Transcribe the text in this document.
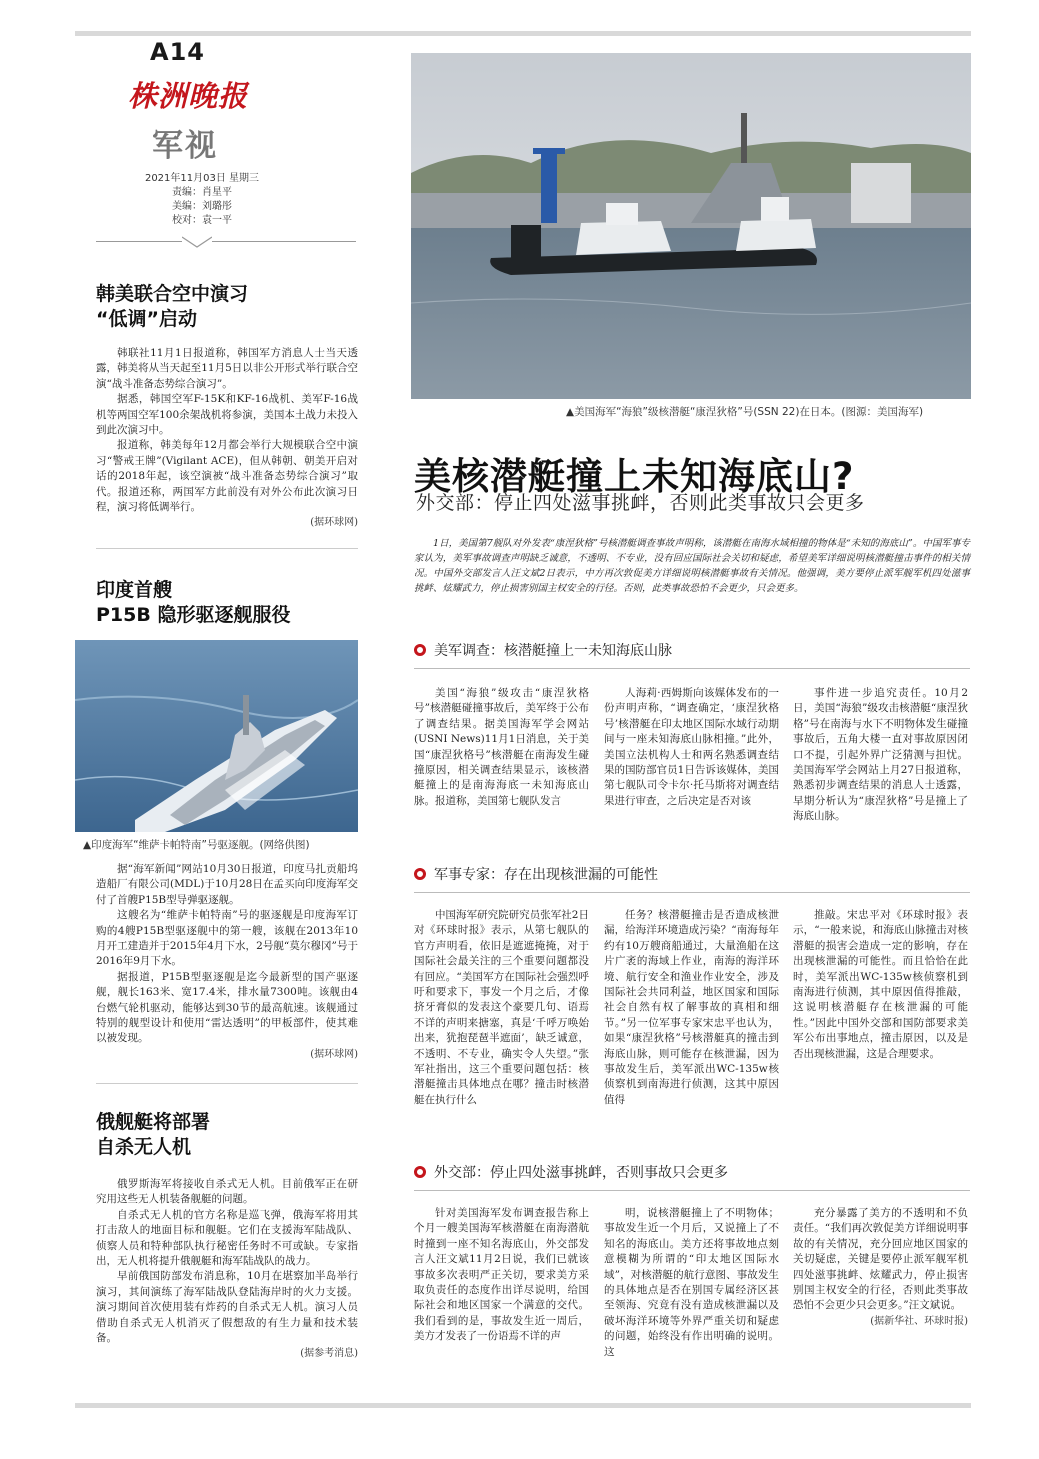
A14
株洲晚报
军视
2021年11月03日 星期三
责编：肖星平
美编：刘璐彤
校对：袁一平
韩美联合空中演习
“低调”启动

韩联社11月1日报道称，韩国军方消息人士当天透露，韩美将从当天起至11月5日以非公开形式举行联合空演“战斗准备态势综合演习”。

据悉，韩国空军F-15K和KF-16战机、美军F-16战机等两国空军100余架战机将参演，美国本土战力未投入到此次演习中。

报道称，韩美每年12月都会举行大规模联合空中演习“警戒王牌”(Vigilant ACE)，但从韩朝、朝美开启对话的2018年起，该空演被“战斗准备态势综合演习”取代。报道还称，两国军方此前没有对外公布此次演习日程，演习将低调举行。

(据环球网)
印度首艘
P15B 隐形驱逐舰服役
▲印度海军“维萨卡帕特南”号驱逐舰。(网络供图)

据“海军新闻”网站10月30日报道，印度马扎贡船坞造船厂有限公司(MDL)于10月28日在孟买向印度海军交付了首艘P15B型导弹驱逐舰。

这艘名为“维萨卡帕特南”号的驱逐舰是印度海军订购的4艘P15B型驱逐舰中的第一艘，该舰在2013年10月开工建造并于2015年4月下水，2号舰“莫尔穆冈”号于2016年9月下水。

据报道，P15B型驱逐舰是迄今最新型的国产驱逐舰，舰长163米、宽17.4米，排水量7300吨。该舰由4台燃气轮机驱动，能够达到30节的最高航速。该舰通过特别的舰型设计和使用“雷达透明”的甲板部件，使其难以被发现。

(据环球网)
俄舰艇将部署
自杀无人机

俄罗斯海军将接收自杀式无人机。目前俄军正在研究用这些无人机装备舰艇的问题。

自杀式无人机的官方名称是巡飞弹，俄海军将用其打击敌人的地面目标和舰艇。它们在支援海军陆战队、侦察人员和特种部队执行秘密任务时不可或缺。专家指出，无人机将提升俄舰艇和海军陆战队的战力。

早前俄国防部发布消息称，10月在堪察加半岛举行演习，其间演练了海军陆战队登陆海岸时的火力支援。演习期间首次使用装有炸药的自杀式无人机。演习人员借助自杀式无人机消灭了假想敌的有生力量和技术装备。

(据参考消息)
▲美国海军“海狼”级核潜艇“康涅狄格”号(SSN 22)在日本。(图源：美国海军)
美核潜艇撞上未知海底山?
外交部：停止四处滋事挑衅，否则此类事故只会更多

1日，美国第7舰队对外发表“康涅狄格”号核潜艇调查事故声明称，该潜艇在南海水域相撞的物体是“未知的海底山”。中国军事专家认为，美军事故调查声明缺乏诚意，不透明、不专业，没有回应国际社会关切和疑虑，希望美军详细说明核潜艇撞击事件的相关情况。中国外交部发言人汪文斌2日表示，中方再次敦促美方详细说明核潜艇事故有关情况。他强调，美方要停止派军舰军机四处滋事挑衅、炫耀武力，停止损害别国主权安全的行径。否则，此类事故恐怕不会更少，只会更多。

美军调查：核潜艇撞上一未知海底山脉

美国“海狼”级攻击“康涅狄格号”核潜艇碰撞事故后，美军终于公布了调查结果。据美国海军学会网站(USNI News)11月1日消息，关于美国“康涅狄格号”核潜艇在南海发生碰撞原因，相关调查结果显示，该核潜艇撞上的是南海海底一未知海底山脉。报道称，美国第七舰队发言

人海莉·西姆斯向该媒体发布的一份声明声称，“调查确定，‘康涅狄格号’核潜艇在印太地区国际水域行动期间与一座未知海底山脉相撞。”此外，美国立法机构人士和两名熟悉调查结果的国防部官员1日告诉该媒体，美国第七舰队司令卡尔·托马斯将对调查结果进行审查，之后决定是否对该

事件进一步追究责任。10月2日，美国“海狼”级攻击核潜艇“康涅狄格”号在南海与水下不明物体发生碰撞事故后，五角大楼一直对事故原因闭口不提，引起外界广泛猜测与担忧。美国海军学会网站上月27日报道称，熟悉初步调查结果的消息人士透露，早期分析认为“康涅狄格”号是撞上了海底山脉。

军事专家：存在出现核泄漏的可能性

中国海军研究院研究员张军社2日对《环球时报》表示，从第七舰队的官方声明看，依旧是遮遮掩掩，对于国际社会最关注的三个重要问题都没有回应。“美国军方在国际社会强烈呼吁和要求下，事发一个月之后，才像挤牙膏似的发表这个豪要几句、语焉不详的声明来搪塞，真是‘千呼万唤始出来，犹抱琵琶半遮面’，缺乏诚意，不透明、不专业，确实令人失望。”张军社指出，这三个重要问题包括：核潜艇撞击具体地点在哪？撞击时核潜艇在执行什么

任务？核潜艇撞击是否造成核泄漏，给海洋环境造成污染？“南海每年约有10万艘商船通过，大量渔船在这片广袤的海域上作业，南海的海洋环境、航行安全和渔业作业安全，涉及国际社会共同利益，地区国家和国际社会自然有权了解事故的真相和细节。”另一位军事专家宋忠平也认为，如果“康涅狄格”号核潜艇真的撞击到海底山脉，则可能存在核泄漏，因为事故发生后，美军派出WC-135w核侦察机到南海进行侦测，这其中原因值得

推敲。宋忠平对《环球时报》表示，“一般来说，和海底山脉撞击对核潜艇的损害会造成一定的影响，存在出现核泄漏的可能性。而且恰恰在此时，美军派出WC-135w核侦察机到南海进行侦测，其中原因值得推敲，这说明核潜艇存在核泄漏的可能性。”因此中国外交部和国防部要求美军公布出事地点，撞击原因，以及是否出现核泄漏，这是合理要求。

外交部：停止四处滋事挑衅，否则事故只会更多

针对美国海军发布调查报告称上个月一艘美国海军核潜艇在南海潜航时撞到一座不知名海底山，外交部发言人汪文斌11月2日说，我们已就该事故多次表明严正关切，要求美方采取负责任的态度作出详尽说明，给国际社会和地区国家一个满意的交代。我们看到的是，事故发生近一周后，美方才发表了一份语焉不详的声

明，说核潜艇撞上了不明物体；事故发生近一个月后，又说撞上了不知名的海底山。美方还将事故地点刻意模糊为所谓的“印太地区国际水域”，对核潜艇的航行意图、事故发生的具体地点是否在别国专属经济区甚至领海、究竟有没有造成核泄漏以及破坏海洋环境等外界严重关切和疑虑的问题，始终没有作出明确的说明。这

充分暴露了美方的不透明和不负责任。“我们再次敦促美方详细说明事故的有关情况，充分回应地区国家的关切疑虑，关键是要停止派军舰军机四处滋事挑衅、炫耀武力，停止损害别国主权安全的行径，否则此类事故恐怕不会更少只会更多。”汪文斌说。

(据新华社、环球时报)
